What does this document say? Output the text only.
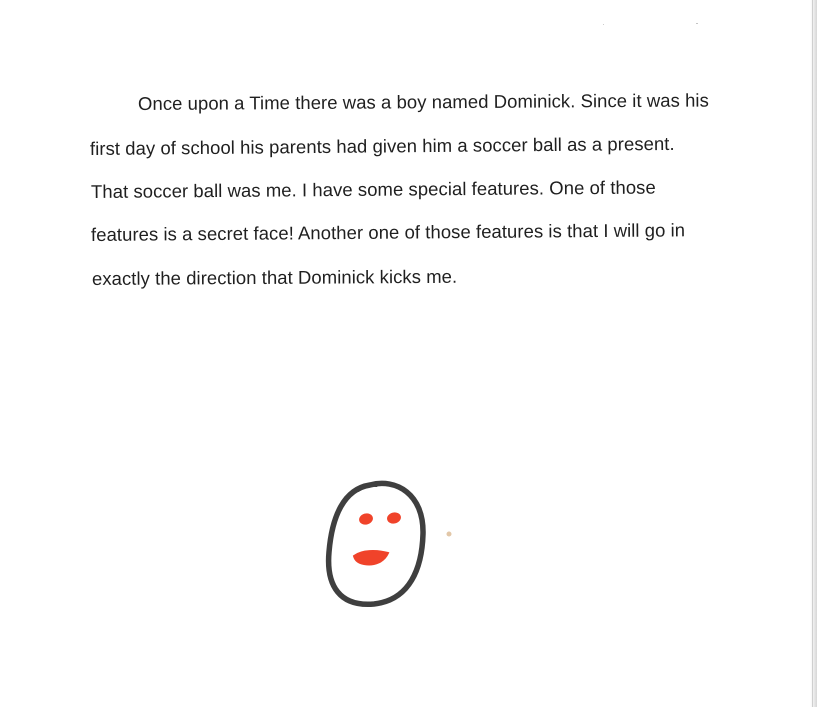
Once upon a Time there was a boy named Dominick. Since it was his
first day of school his parents had given him a soccer ball as a present.
That soccer ball was me. I have some special features. One of those
features is a secret face! Another one of those features is that I will go in
exactly the direction that Dominick kicks me.
